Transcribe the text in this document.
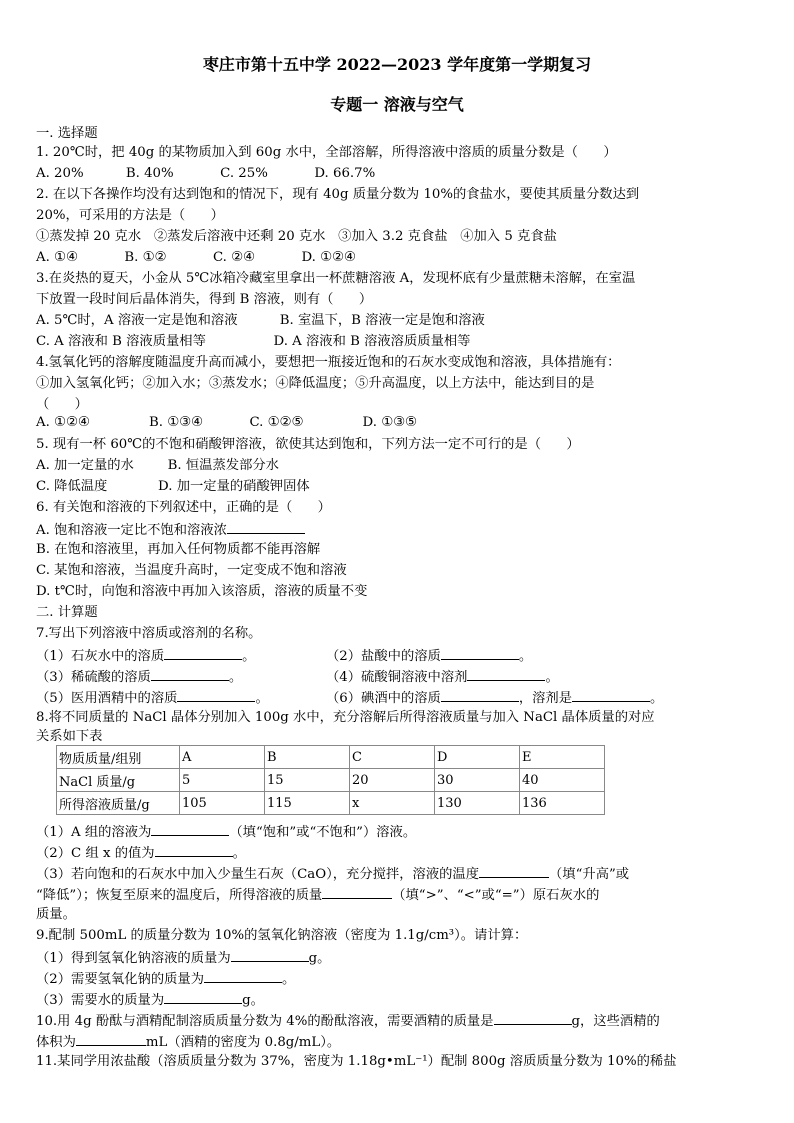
枣庄市第十五中学 2022—2023 学年度第一学期复习
专题一 溶液与空气
一. 选择题
1. 20℃时，把 40g 的某物质加入到 60g 水中，全部溶解，所得溶液中溶质的质量分数是（      ）
A. 20%          B. 40%           C. 25%           D. 66.7%
2. 在以下各操作均没有达到饱和的情况下，现有 40g 质量分数为 10%的食盐水，要使其质量分数达到
20%，可采用的方法是（      ）
①蒸发掉 20 克水   ②蒸发后溶液中还剩 20 克水   ③加入 3.2 克食盐   ④加入 5 克食盐
A. ①④           B. ①②           C. ②④           D. ①②④
3.在炎热的夏天，小金从 5℃冰箱冷藏室里拿出一杯蔗糖溶液 A，发现杯底有少量蔗糖未溶解，在室温
下放置一段时间后晶体消失，得到 B 溶液，则有（      ）
A. 5℃时，A 溶液一定是饱和溶液          B. 室温下，B 溶液一定是饱和溶液
C. A 溶液和 B 溶液质量相等                D. A 溶液和 B 溶液溶质质量相等
4.氢氧化钙的溶解度随温度升高而减小，要想把一瓶接近饱和的石灰水变成饱和溶液，具体措施有：
①加入氢氧化钙；②加入水；③蒸发水；④降低温度；⑤升高温度，以上方法中，能达到目的是
（      ）
A. ①②④              B. ①③④           C. ①②⑤              D. ①③⑤
5. 现有一杯 60℃的不饱和硝酸钾溶液，欲使其达到饱和，下列方法一定不可行的是（      ）
A. 加一定量的水        B. 恒温蒸发部分水
C. 降低温度            D. 加一定量的硝酸钾固体
6. 有关饱和溶液的下列叙述中，正确的是（      ）
A. 饱和溶液一定比不饱和溶液浓
B. 在饱和溶液里，再加入任何物质都不能再溶解
C. 某饱和溶液，当温度升高时，一定变成不饱和溶液
D. t℃时，向饱和溶液中再加入该溶质，溶液的质量不变
二. 计算题
7.写出下列溶液中溶质或溶剂的名称。
（1）石灰水中的溶质	。	（2）盐酸中的溶质	。
（3）稀硫酸的溶质	。	（4）硫酸铜溶液中溶剂	。
（5）医用酒精中的溶质	。	（6）碘酒中的溶质	，溶剂是	。
8.将不同质量的 NaCl 晶体分别加入 100g 水中，充分溶解后所得溶液质量与加入 NaCl 晶体质量的对应
关系如下表
物质质量/组别	A	B	C	D	E
NaCl 质量/g	5	15	20	30	40
所得溶液质量/g	105	115	x	130	136
（1）A 组的溶液为	（填“饱和”或“不饱和”）溶液。
（2）C 组 x 的值为	。
（3）若向饱和的石灰水中加入少量生石灰（CaO），充分搅拌，溶液的温度	（填“升高”或
“降低”）；恢复至原来的温度后，所得溶液的质量	（填“>”、“<”或“=”）原石灰水的
质量。
9.配制 500mL 的质量分数为 10%的氢氧化钠溶液（密度为 1.1g/cm³）。请计算：
（1）得到氢氧化钠溶液的质量为	g。
（2）需要氢氧化钠的质量为	。
（3）需要水的质量为	g。
10.用 4g 酚酞与酒精配制溶质质量分数为 4%的酚酞溶液，需要酒精的质量是	g，这些酒精的
体积为	mL（酒精的密度为 0.8g/mL）。
11.某同学用浓盐酸（溶质质量分数为 37%，密度为 1.18g•mL⁻¹）配制 800g 溶质质量分数为 10%的稀盐
